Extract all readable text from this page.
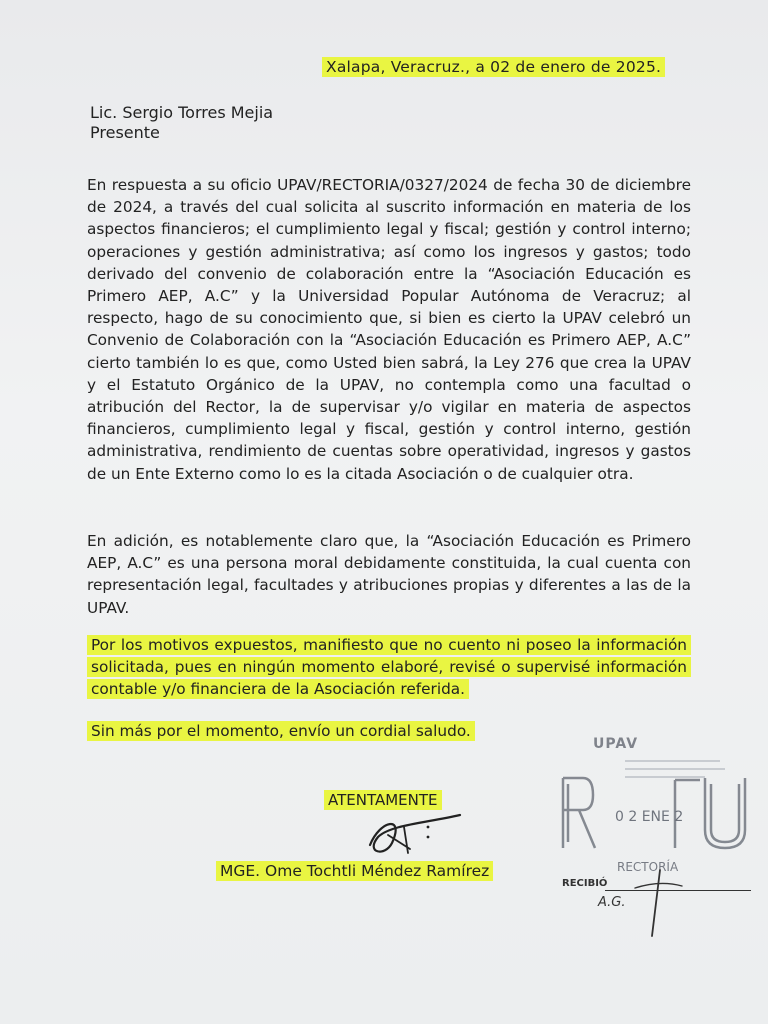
Xalapa, Veracruz., a 02 de enero de 2025.
Lic. Sergio Torres Mejia
Presente
En respuesta a su oficio UPAV/RECTORIA/0327/2024 de fecha 30 de diciembre de 2024, a través del cual solicita al suscrito información en materia de los aspectos financieros; el cumplimiento legal y fiscal; gestión y control interno; operaciones y gestión administrativa; así como los ingresos y gastos; todo derivado del convenio de colaboración entre la “Asociación Educación es Primero AEP, A.C” y la Universidad Popular Autónoma de Veracruz; al respecto, hago de su conocimiento que, si bien es cierto la UPAV celebró un Convenio de Colaboración con la “Asociación Educación es Primero AEP, A.C” cierto también lo es que, como Usted bien sabrá, la Ley 276 que crea la UPAV y el Estatuto Orgánico de la UPAV, no contempla como una facultad o atribución del Rector, la de supervisar y/o vigilar en materia de aspectos financieros, cumplimiento legal y fiscal, gestión y control interno, gestión administrativa, rendimiento de cuentas sobre operatividad, ingresos y gastos de un Ente Externo como lo es la citada Asociación o de cualquier otra.
En adición, es notablemente claro que, la “Asociación Educación es Primero AEP, A.C” es una persona moral debidamente constituida, la cual cuenta con representación legal, facultades y atribuciones propias y diferentes a las de la UPAV.
Por los motivos expuestos, manifiesto que no cuento ni poseo la información solicitada, pues en ningún momento elaboré, revisé o supervisé información contable y/o financiera de la Asociación referida.
Sin más por el momento, envío un cordial saludo.
ATENTAMENTE
MGE. Ome Tochtli Méndez Ramírez
UPAV
0 2 ENE 2
RECTORÍA
RECIBIÓ
A.G.
